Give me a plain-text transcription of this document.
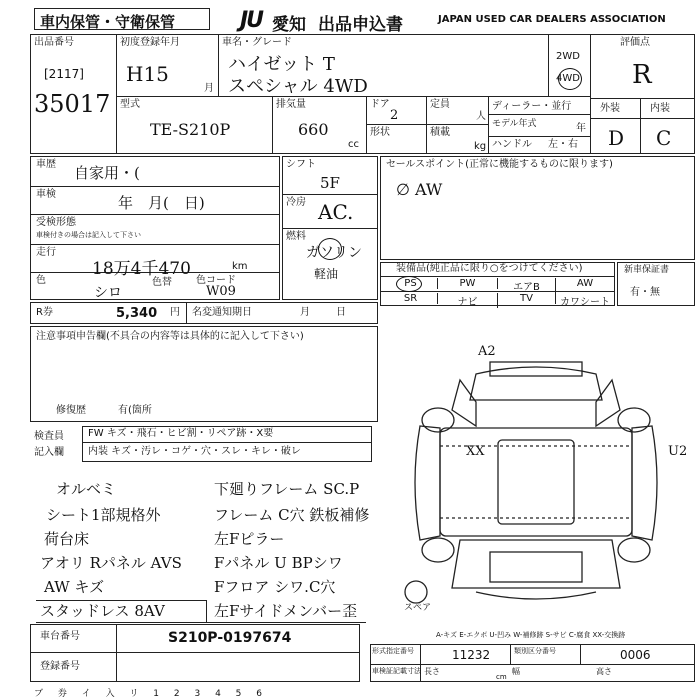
車内保管・守衛保管	JU 愛知 出品申込書	JAPAN USED CAR DEALERS ASSOCIATION
出品番号
[2117]
35017
初度登録年月
H15
月
車名・グレード
ハイゼット T
スペシャル 4WD
2WD
4WD
評価点
R
外装	内装
D C
型式
TE-S210P
排気量
660
cc
ドア
2
定員
人
形状	積載
kg
ディーラー・並行
モデル年式	年
ハンドル 左・右
車歴 自家用・(
車検	年　月(　日)
受検形態
車検付きの場合は記入して下さい
走行
18万4千470	km
色
シロ
色替 色コード
W09
シフト
5F
冷房 AC.
燃料
ガソリン
軽油
セールスポイント(正常に機能するものに限ります)
∅ AW
装備品(純正品に限り○をつけてください)
PS	PW	エアB	AW
SR	ナビ	TV	カワシート
新車保証書
有・無
R券	5,340 円 名変通知期日	月日
注意事項申告欄(不具合の内容等は具体的に記入して下さい)
修復歴	有(箇所
検査員
記入欄
FW キズ・飛石・ヒビ割・リペア跡・X要
内装 キズ・汚レ・コゲ・穴・スレ・キレ・破レ
オルベミ
シート1部規格外
荷台床
アオリ Rパネル AVS
AW キズ
スタッドレス 8AV
下廻りフレーム SC.P
フレーム C穴 鉄板補修
左Fピラー
Fパネル U BPシワ
Fフロア シワ.C穴
左Fサイドメンバー歪
A2
XX	U2
スペア
A-キズ E-エクボ U-凹み W-補修跡 S-サビ C-腐食 XX-交換跡
車台番号	S210P-0197674
登録番号
形式指定番号	11232	類別区分番号	0006
車検証記載寸法 長さ
cm
幅	高さ
ブ 券 イ 入 リ 1 2 3 4 5 6
